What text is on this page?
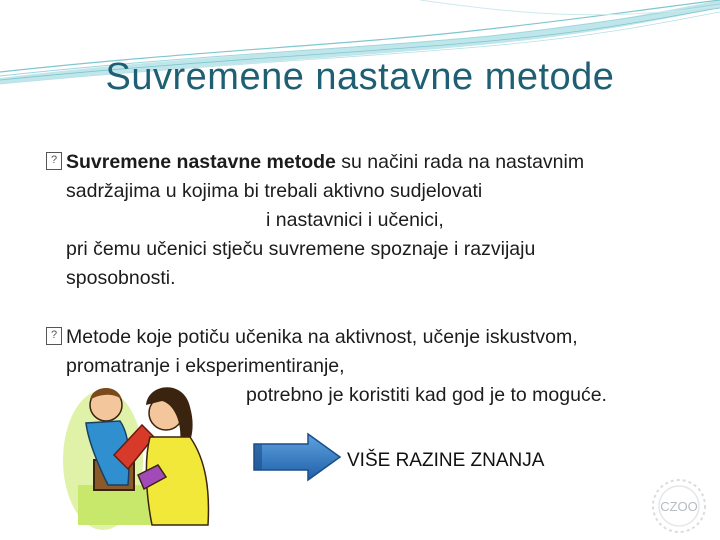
Suvremene nastavne metode
? Suvremene nastavne metode su načini rada na nastavnim
sadržajima u kojima bi trebali aktivno sudjelovati
i nastavnici i učenici,
pri čemu učenici stječu suvremene spoznaje i razvijaju
sposobnosti.
? Metode koje potiču učenika na aktivnost, učenje iskustvom,
promatranje i eksperimentiranje,
potrebno je koristiti kad god je to moguće.
VIŠE RAZINE ZNANJA
CZOO
